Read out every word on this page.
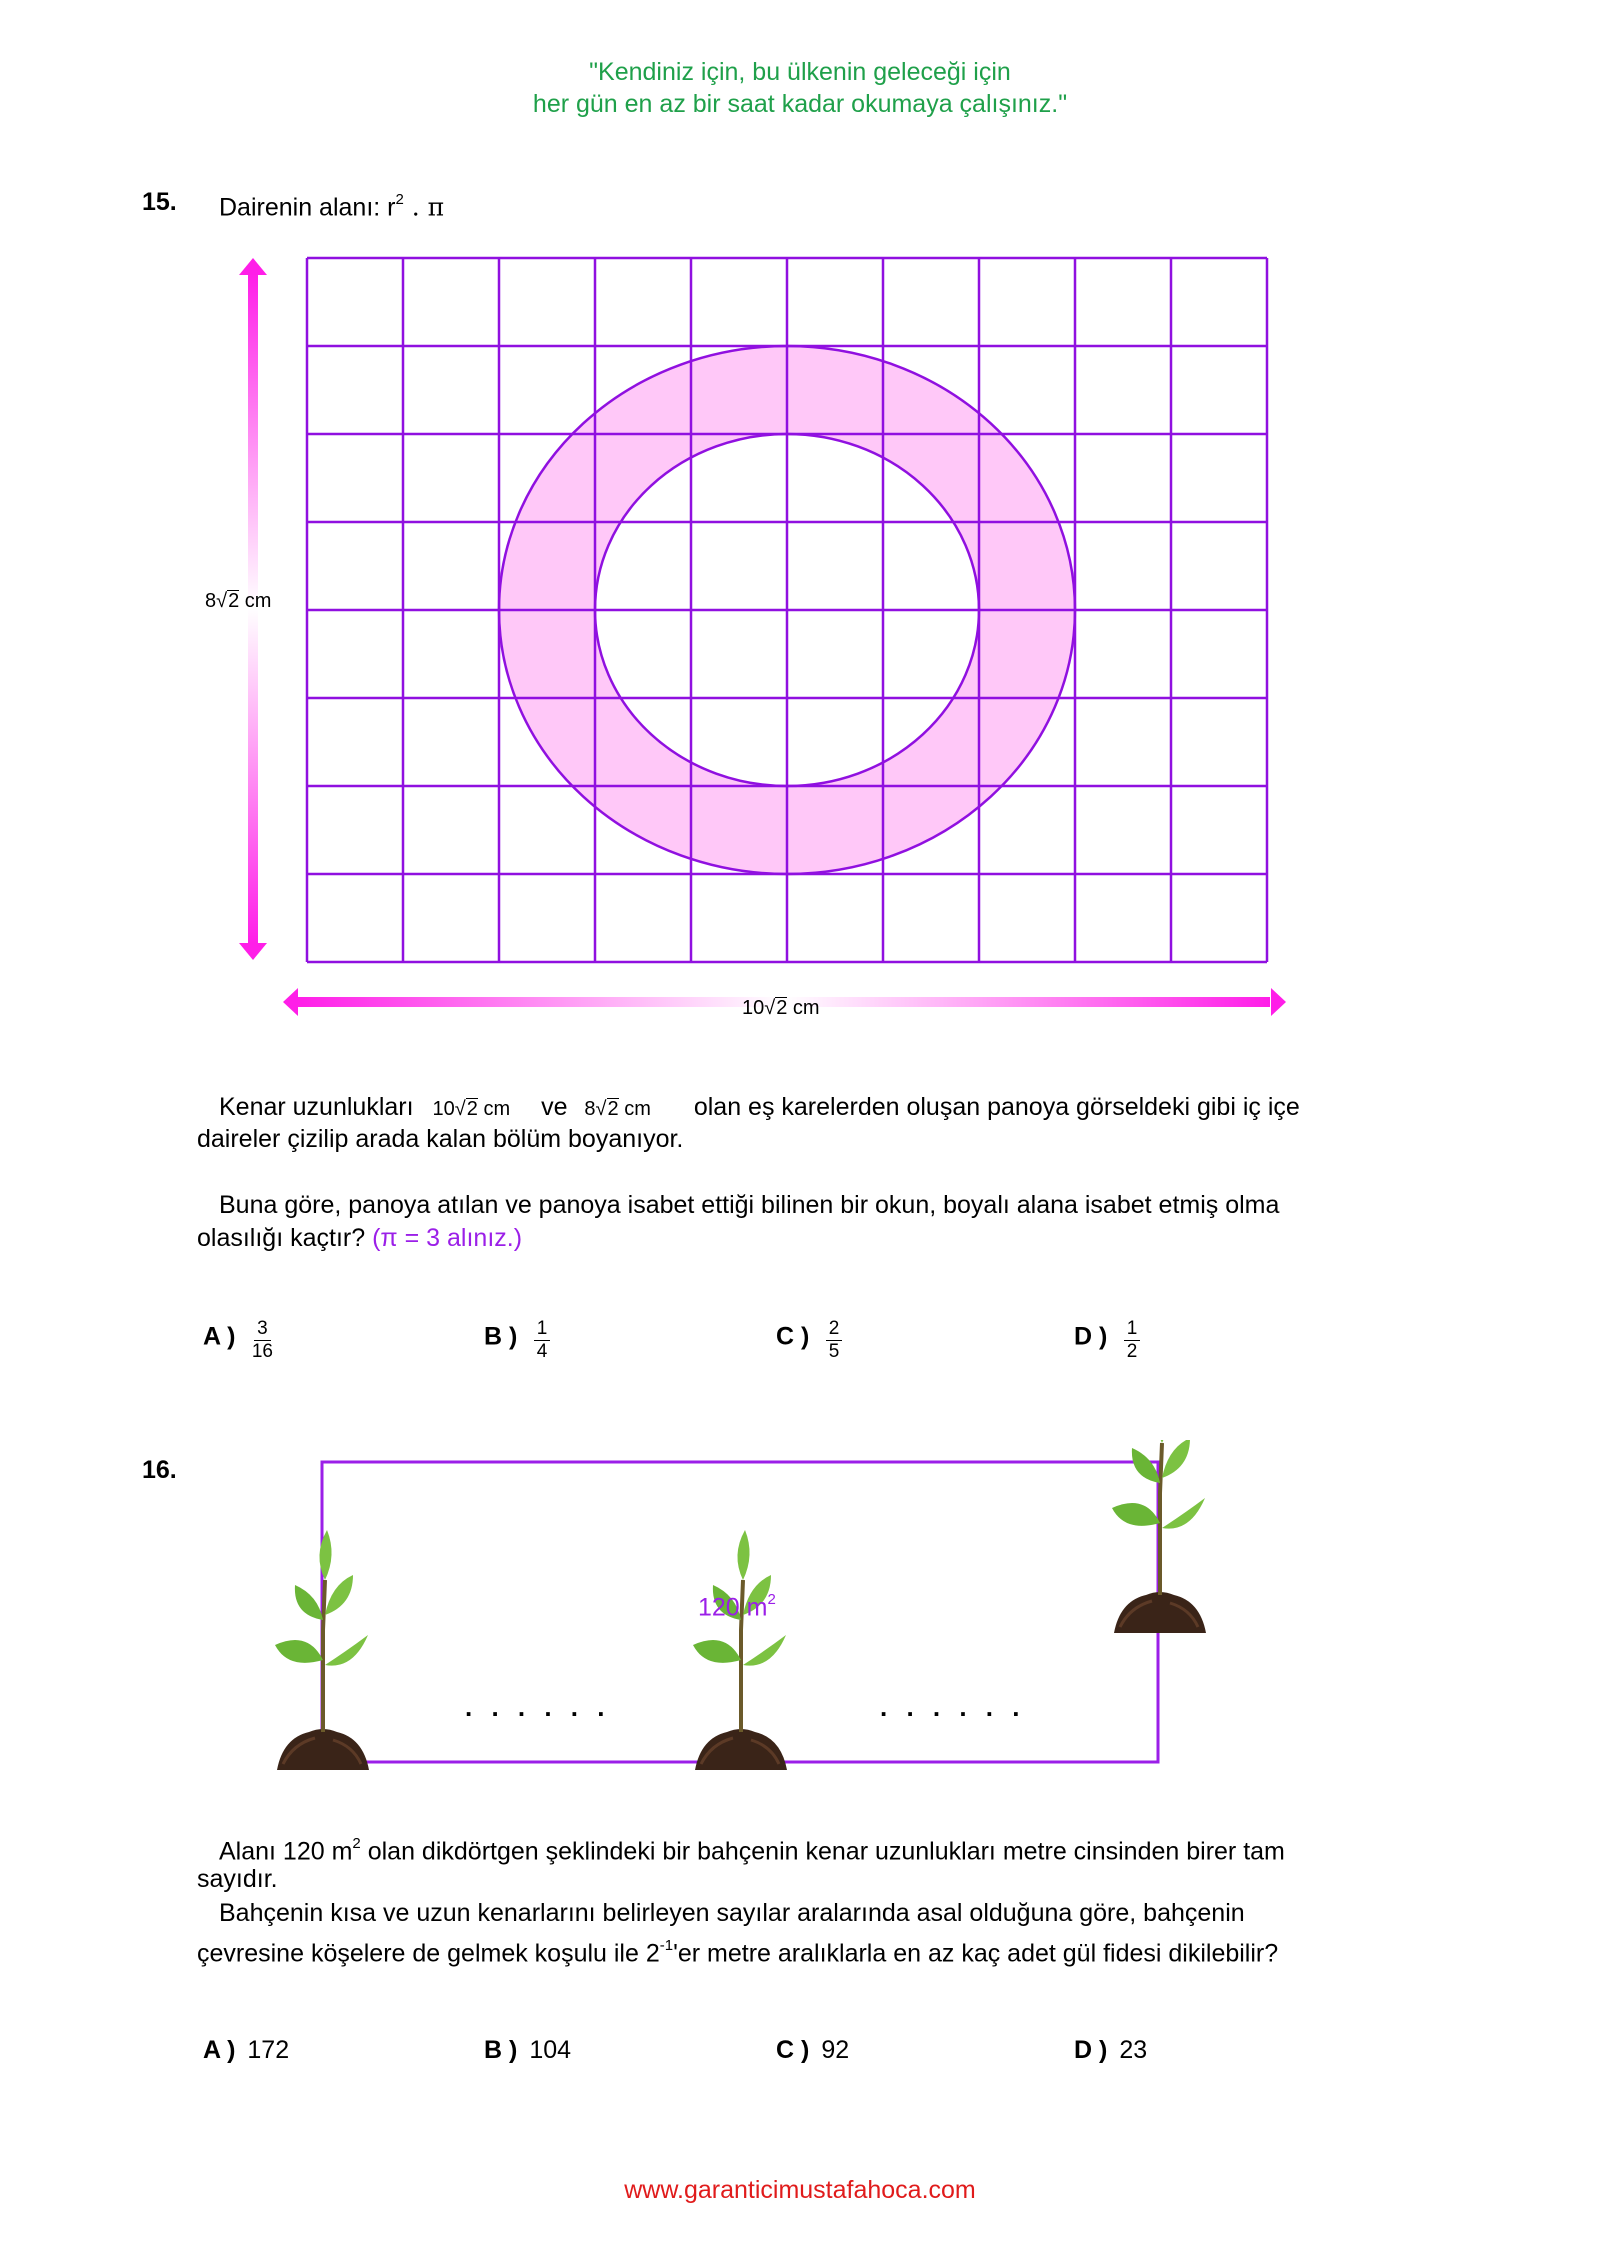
8√2 cm
10√2 cm
Kenar uzunlukları 10√2 cm ve 8√2 cm olan eş karelerden oluşan panoya görseldeki gibi iç içe
daireler çizilip arada kalan bölüm boyanıyor.
Buna göre, panoya atılan ve panoya isabet ettiği bilinen bir okun, boyalı alana isabet etmiş olma
olasılığı kaçtır? (π = 3 alınız.)
A ) $\frac{3}{16}$	B ) $\frac{1}{4}$	C ) $\frac{2}{5}$	D ) $\frac{1}{2}$
16.
120 $m^2$
. . . . . .	. . . . . .
Alanı 120 $m^2$ olan dikdörtgen şeklindeki bir bahçenin kenar uzunlukları metre cinsinden birer tam
sayıdır.
Bahçenin kısa ve uzun kenarlarını belirleyen sayılar aralarında asal olduğuna göre, bahçenin
çevresine köşelere de gelmek koşulu ile $2^{-1}'er$ metre aralıklarla en az kaç adet gül fidesi dikilebilir?
A ) 172	B ) 104	C ) 92	D ) 23
www.garanticimustafahoca.com
